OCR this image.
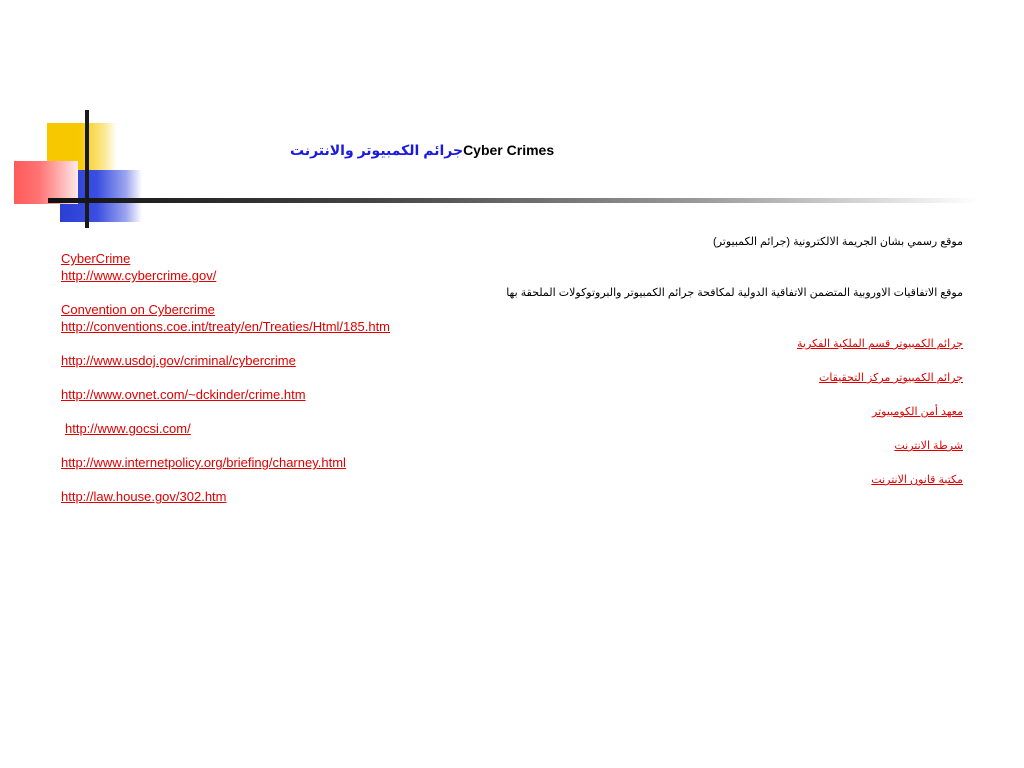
جرائم الكمبيوتر والانترنتCyber Crimes
CyberCrime
http://www.cybercrime.gov/
Convention on Cybercrime
http://conventions.coe.int/treaty/en/Treaties/Html/185.htm
http://www.usdoj.gov/criminal/cybercrime
http://www.ovnet.com/~dckinder/crime.htm
http://www.gocsi.com/
http://www.internetpolicy.org/briefing/charney.html
http://law.house.gov/302.htm
موقع رسمي بشان الجريمة الالكترونية (جرائم الكمبيوتر)
موقع الاتفاقيات الاوروبية المتضمن الاتفاقية الدولية لمكافحة جرائم الكمبيوتر والبروتوكولات الملحقة بها
جرائم الكمبيوتر قسم الملكية الفكرية
جرائم الكمبيوتر مركز التحقيقات
معهد أمن الكومبيوتر
شرطة الانترنت
مكتبة قانون الانترنت
